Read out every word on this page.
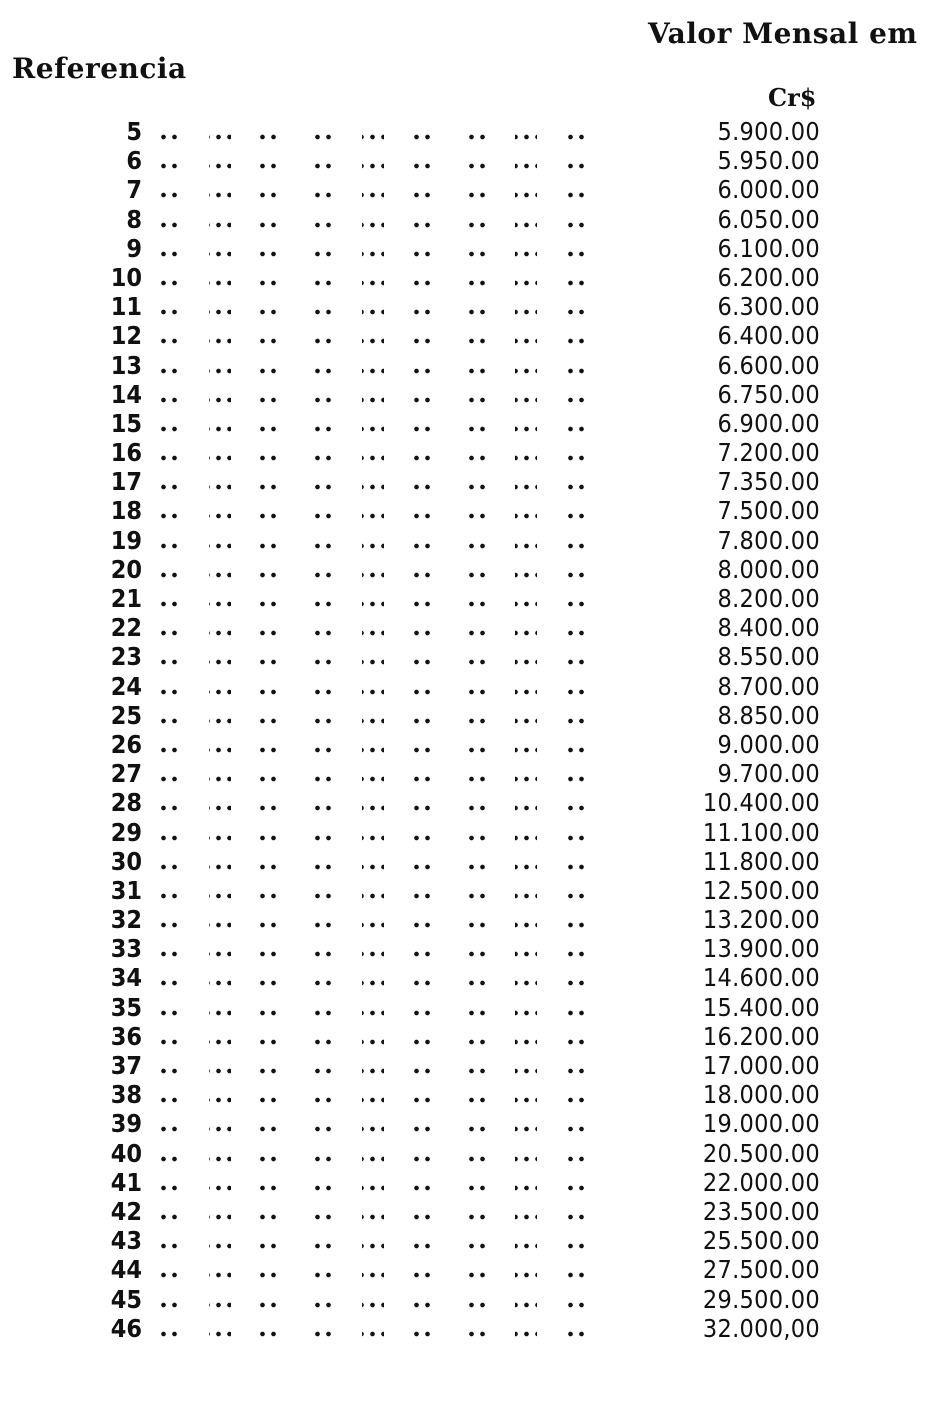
Referencia
Valor Mensal em
Cr$
5	5.900.00
6	5.950.00
7	6.000.00
8	6.050.00
9	6.100.00
10	6.200.00
11	6.300.00
12	6.400.00
13	6.600.00
14	6.750.00
15	6.900.00
16	7.200.00
17	7.350.00
18	7.500.00
19	7.800.00
20	8.000.00
21	8.200.00
22	8.400.00
23	8.550.00
24	8.700.00
25	8.850.00
26	9.000.00
27	9.700.00
28	10.400.00
29	11.100.00
30	11.800.00
31	12.500.00
32	13.200.00
33	13.900.00
34	14.600.00
35	15.400.00
36	16.200.00
37	17.000.00
38	18.000.00
39	19.000.00
40	20.500.00
41	22.000.00
42	23.500.00
43	25.500.00
44	27.500.00
45	29.500.00
46	32.000,00
